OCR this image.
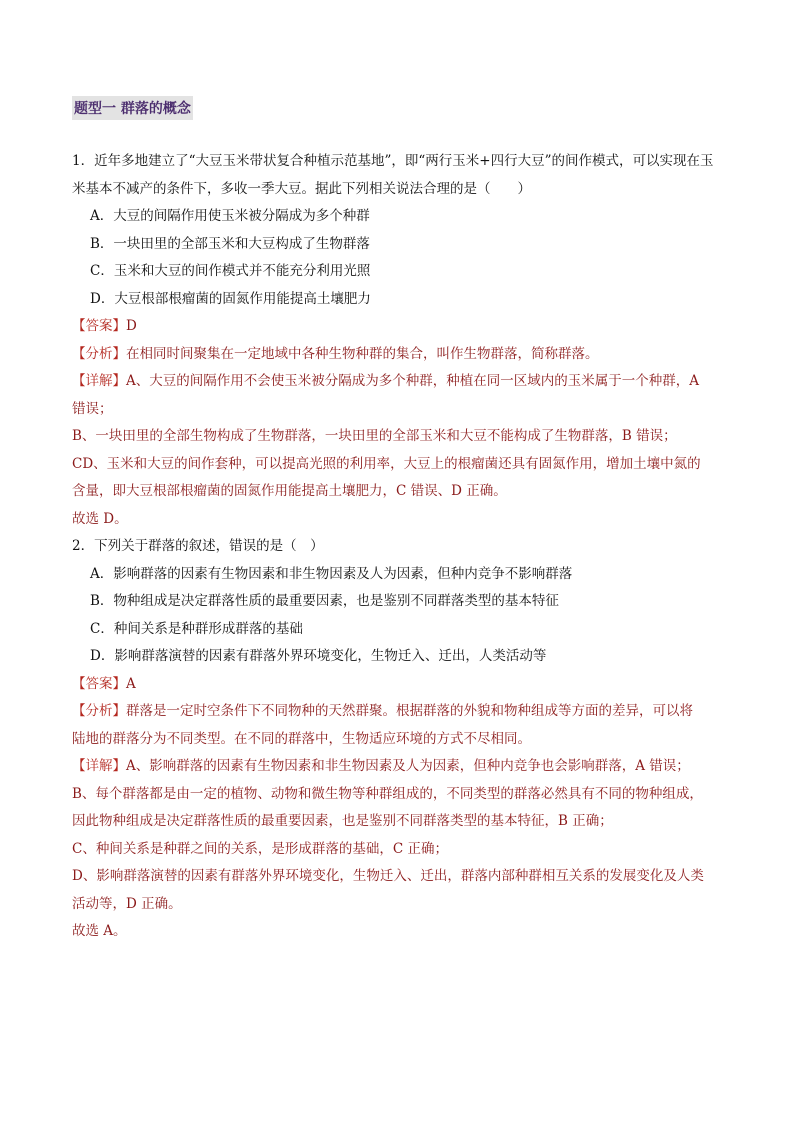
题型一 群落的概念
1．近年多地建立了“大豆玉米带状复合种植示范基地”，即“两行玉米+四行大豆”的间作模式，可以实现在玉
米基本不减产的条件下，多收一季大豆。据此下列相关说法合理的是（　　）
A．大豆的间隔作用使玉米被分隔成为多个种群
B．一块田里的全部玉米和大豆构成了生物群落
C．玉米和大豆的间作模式并不能充分利用光照
D．大豆根部根瘤菌的固氮作用能提高土壤肥力
【答案】D
【分析】在相同时间聚集在一定地域中各种生物种群的集合，叫作生物群落，简称群落。
【详解】A、大豆的间隔作用不会使玉米被分隔成为多个种群，种植在同一区域内的玉米属于一个种群，A
错误；
B、一块田里的全部生物构成了生物群落，一块田里的全部玉米和大豆不能构成了生物群落，B 错误；
CD、玉米和大豆的间作套种，可以提高光照的利用率，大豆上的根瘤菌还具有固氮作用，增加土壤中氮的
含量，即大豆根部根瘤菌的固氮作用能提高土壤肥力，C 错误、D 正确。
故选 D。
2．下列关于群落的叙述，错误的是（　）
A．影响群落的因素有生物因素和非生物因素及人为因素，但种内竞争不影响群落
B．物种组成是决定群落性质的最重要因素，也是鉴别不同群落类型的基本特征
C．种间关系是种群形成群落的基础
D．影响群落演替的因素有群落外界环境变化，生物迁入、迁出，人类活动等
【答案】A
【分析】群落是一定时空条件下不同物种的天然群聚。根据群落的外貌和物种组成等方面的差异，可以将
陆地的群落分为不同类型。在不同的群落中，生物适应环境的方式不尽相同。
【详解】A、影响群落的因素有生物因素和非生物因素及人为因素，但种内竞争也会影响群落，A 错误；
B、每个群落都是由一定的植物、动物和微生物等种群组成的，不同类型的群落必然具有不同的物种组成，
因此物种组成是决定群落性质的最重要因素，也是鉴别不同群落类型的基本特征，B 正确；
C、种间关系是种群之间的关系，是形成群落的基础，C 正确；
D、影响群落演替的因素有群落外界环境变化，生物迁入、迁出，群落内部种群相互关系的发展变化及人类
活动等，D 正确。
故选 A。
